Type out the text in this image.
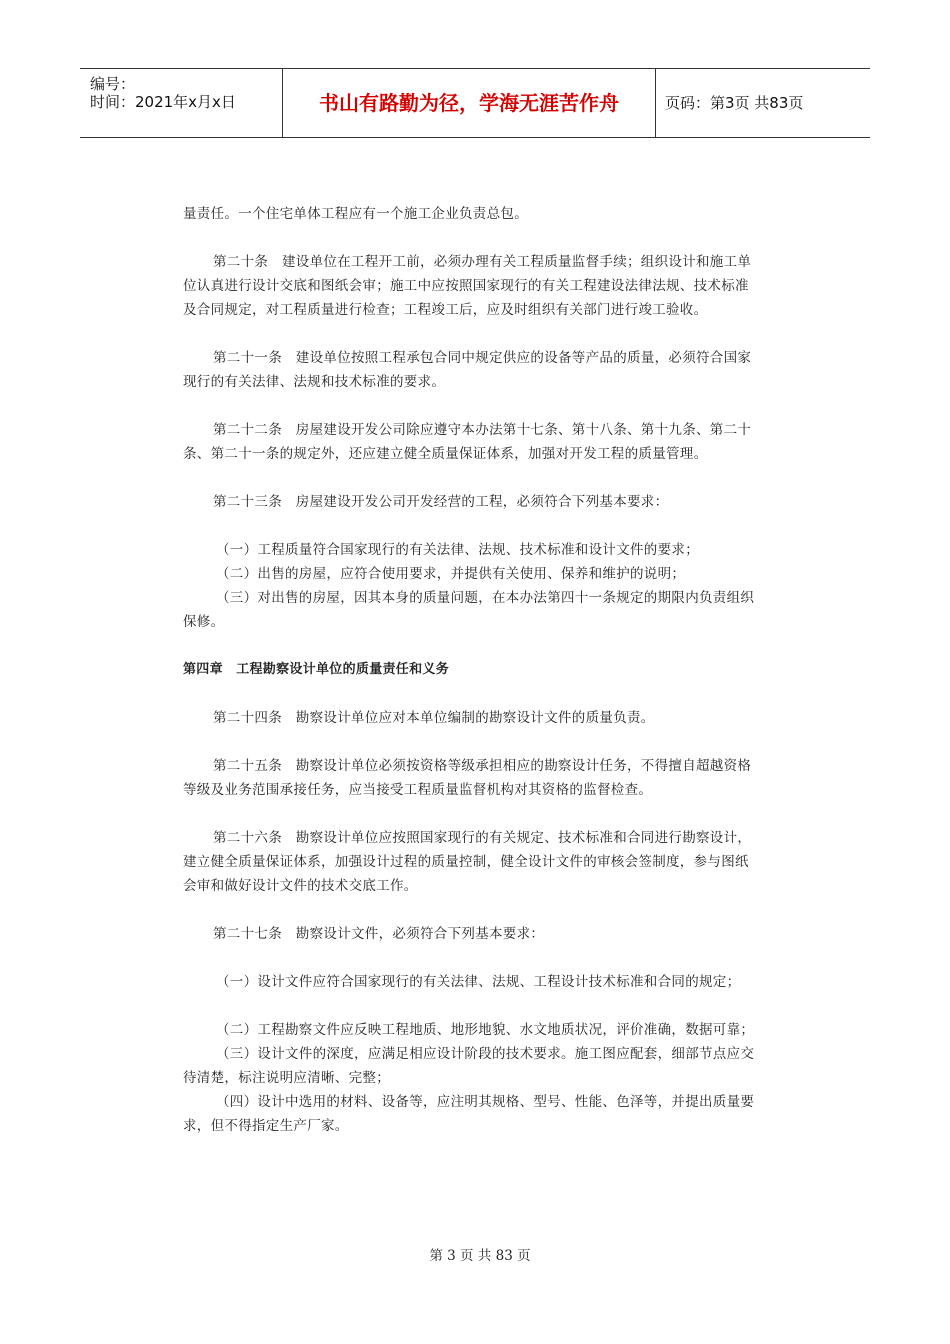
编号：
时间：2021年x月x日	书山有路勤为径，学海无涯苦作舟	页码：第3页 共83页

量责任。一个住宅单体工程应有一个施工企业负责总包。

第二十条　建设单位在工程开工前，必须办理有关工程质量监督手续；组织设计和施工单位认真进行设计交底和图纸会审；施工中应按照国家现行的有关工程建设法律法规、技术标准及合同规定，对工程质量进行检查；工程竣工后，应及时组织有关部门进行竣工验收。

第二十一条　建设单位按照工程承包合同中规定供应的设备等产品的质量，必须符合国家现行的有关法律、法规和技术标准的要求。

第二十二条　房屋建设开发公司除应遵守本办法第十七条、第十八条、第十九条、第二十条、第二十一条的规定外，还应建立健全质量保证体系，加强对开发工程的质量管理。

第二十三条　房屋建设开发公司开发经营的工程，必须符合下列基本要求：

（一）工程质量符合国家现行的有关法律、法规、技术标准和设计文件的要求；

（二）出售的房屋，应符合使用要求，并提供有关使用、保养和维护的说明；

（三）对出售的房屋，因其本身的质量问题，在本办法第四十一条规定的期限内负责组织保修。

第四章　工程勘察设计单位的质量责任和义务

第二十四条　勘察设计单位应对本单位编制的勘察设计文件的质量负责。

第二十五条　勘察设计单位必须按资格等级承担相应的勘察设计任务，不得擅自超越资格等级及业务范围承接任务，应当接受工程质量监督机构对其资格的监督检查。

第二十六条　勘察设计单位应按照国家现行的有关规定、技术标准和合同进行勘察设计，建立健全质量保证体系，加强设计过程的质量控制，健全设计文件的审核会签制度，参与图纸会审和做好设计文件的技术交底工作。

第二十七条　勘察设计文件，必须符合下列基本要求：

（一）设计文件应符合国家现行的有关法律、法规、工程设计技术标准和合同的规定；

（二）工程勘察文件应反映工程地质、地形地貌、水文地质状况，评价准确，数据可靠；

（三）设计文件的深度，应满足相应设计阶段的技术要求。施工图应配套，细部节点应交待清楚，标注说明应清晰、完整；

（四）设计中选用的材料、设备等，应注明其规格、型号、性能、色泽等，并提出质量要求，但不得指定生产厂家。

第 3 页 共 83 页
